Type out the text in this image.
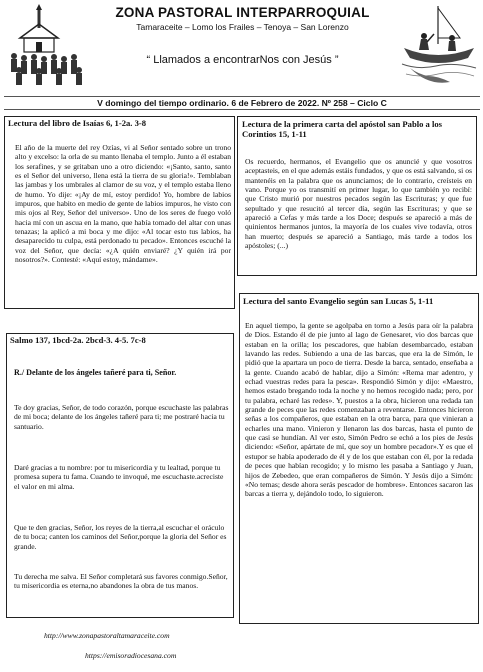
ZONA PASTORAL INTERPARROQUIAL
Tamaraceite – Lomo los Frailes – Tenoya – San Lorenzo
“ Llamados a encontrarNos con Jesús ”
V domingo del tiempo ordinario. 6 de Febrero de 2022. Nº 258 – Ciclo C
Lectura del libro de Isaías 6, 1-2a. 3-8
El año de la muerte del rey Ozías, vi al Señor sentado sobre un trono alto y excelso: la orla de su manto llenaba el templo. Junto a él estaban los serafines, y se gritaban uno a otro diciendo: «¡Santo, santo, santo es el Señor del universo, llena está la tierra de su gloria!». Temblaban las jambas y los umbrales al clamor de su voz, y el templo estaba lleno de humo. Yo dije: «¡Ay de mí, estoy perdido! Yo, hombre de labios impuros, que habito en medio de gente de labios impuros, he visto con mis ojos al Rey, Señor del universo». Uno de los seres de fuego voló hacia mí con un ascua en la mano, que había tomado del altar con unas tenazas; la aplicó a mi boca y me dijo: «Al tocar esto tus labios, ha desaparecido tu culpa, está perdonado tu pecado». Entonces escuché la voz del Señor, que decía: «¿A quién enviaré? ¿Y quién irá por nosotros?». Contesté: «Aquí estoy, mándame».
Lectura de la primera carta del apóstol san Pablo a los Corintios 15, 1-11
Os recuerdo, hermanos, el Evangelio que os anuncié y que vosotros aceptasteis, en el que además estáis fundados, y que os está salvando, si os mantenéis en la palabra que os anunciamos; de lo contrario, creísteis en vano. Porque yo os transmití en primer lugar, lo que también yo recibí: que Cristo murió por nuestros pecados según las Escrituras; y que fue sepultado y que resucitó al tercer día, según las Escrituras; y que se apareció a Cefas y más tarde a los Doce; después se apareció a más de quinientos hermanos juntos, la mayoría de los cuales vive todavía, otros han muerto; después se apareció a Santiago, más tarde a todos los apóstoles; (...)
Salmo 137, 1bcd-2a. 2bcd-3. 4-5. 7c-8
R./ Delante de los ángeles tañeré para ti, Señor.
Te doy gracias, Señor, de todo corazón, porque escuchaste las palabras de mi boca; delante de los ángeles tañeré para ti; me postraré hacia tu santuario.
Daré gracias a tu nombre: por tu misericordia y tu lealtad, porque tu promesa supera tu fama. Cuando te invoqué, me escuchaste.acreciste el valor en mi alma.
Que te den gracias, Señor, los reyes de la tierra,al escuchar el oráculo de tu boca; canten los caminos del Señor,porque la gloria del Señor es grande.
Tu derecha me salva. El Señor completará sus favores conmigo.Señor, tu misericordia es eterna,no abandones la obra de tus manos.
Lectura del santo Evangelio según san Lucas 5, 1-11
En aquel tiempo, la gente se agolpaba en torno a Jesús para oír la palabra de Dios. Estando él de pie junto al lago de Genesaret, vio dos barcas que estaban en la orilla; los pescadores, que habían desembarcado, estaban lavando las redes. Subiendo a una de las barcas, que era la de Simón, le pidió que la apartara un poco de tierra. Desde la barca, sentado, enseñaba a la gente. Cuando acabó de hablar, dijo a Simón: «Rema mar adentro, y echad vuestras redes para la pesca». Respondió Simón y dijo: «Maestro, hemos estado bregando toda la noche y no hemos recogido nada; pero, por tu palabra, echaré las redes». Y, puestos a la obra, hicieron una redada tan grande de peces que las redes comenzaban a reventarse. Entonces hicieron señas a los compañeros, que estaban en la otra barca, para que vinieran a echarles una mano. Vinieron y llenaron las dos barcas, hasta el punto de que casi se hundían. Al ver esto, Simón Pedro se echó a los pies de Jesús diciendo: «Señor, apártate de mí, que soy un hombre pecador».Y es que el estupor se había apoderado de él y de los que estaban con él, por la redada de peces que habían recogido; y lo mismo les pasaba a Santiago y Juan, hijos de Zebedeo, que eran compañeros de Simón. Y Jesús dijo a Simón: «No temas; desde ahora serás pescador de hombres». Entonces sacaron las barcas a tierra y, dejándolo todo, lo siguieron.
http://www.zonapastoraltamaraceite.com
https://emisoradiocesana.com
